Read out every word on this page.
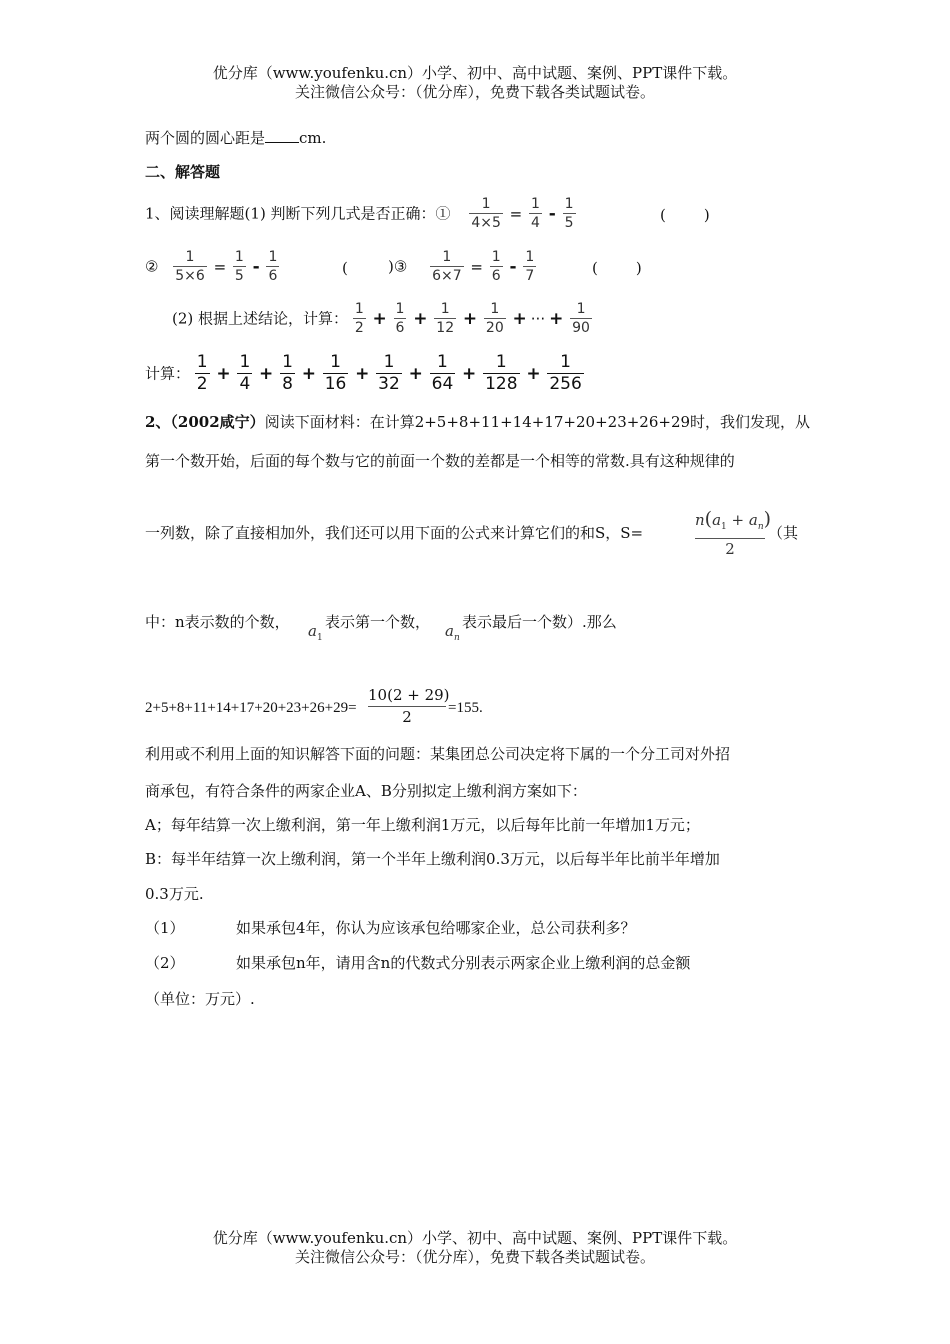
优分库（www.youfenku.cn）小学、初中、高中试题、案例、PPT课件下载。
关注微信公众号：（优分库），免费下载各类试题试卷。
两个圆的圆心距是 cm.
二、解答题
1、阅读理解题(1) 判断下列几式是否正确：① $\frac{1}{4\times 5} = \frac{1}{4} - \frac{1}{5}$	(	)
② $\frac{1}{5\times 6} = \frac{1}{5} - \frac{1}{6}$	(	)③ $\frac{1}{6\times 7} = \frac{1}{6} - \frac{1}{7}$	(	)
(2) 根据上述结论，计算： $\frac{1}{2} + \frac{1}{6} + \frac{1}{12} + \frac{1}{20}$ + ··· + $\frac{1}{90}$
计算： $\frac{1}{2} + \frac{1}{4} + \frac{1}{8} + \frac{1}{16} + \frac{1}{32} + \frac{1}{64} + \frac{1}{128} + \frac{1}{256}$
2、（2002咸宁）阅读下面材料：在计算2+5+8+11+14+17+20+23+26+29时，我们发现，从
第一个数开始，后面的每个数与它的前面一个数的差都是一个相等的常数.具有这种规律的
一列数，除了直接相加外，我们还可以用下面的公式来计算它们的和S，S=
$n(a_1 + a_n)$
2
（其
中：n表示数的个数， $a_1$
表示第一个数， $a_n$
表示最后一个数）.那么
2+5+8+11+14+17+20+23+26+29=
10(2 + 29)
2	=155.
利用或不利用上面的知识解答下面的问题：某集团总公司决定将下属的一个分工司对外招
商承包，有符合条件的两家企业A、B分别拟定上缴利润方案如下：
A；每年结算一次上缴利润，第一年上缴利润1万元，以后每年比前一年增加1万元；
B：每半年结算一次上缴利润，第一个半年上缴利润0.3万元，以后每半年比前半年增加
0.3万元.
（1）	如果承包4年，你认为应该承包给哪家企业，总公司获利多？
（2）	如果承包n年，请用含n的代数式分别表示两家企业上缴利润的总金额
（单位：万元）.
优分库（www.youfenku.cn）小学、初中、高中试题、案例、PPT课件下载。
关注微信公众号：（优分库），免费下载各类试题试卷。
